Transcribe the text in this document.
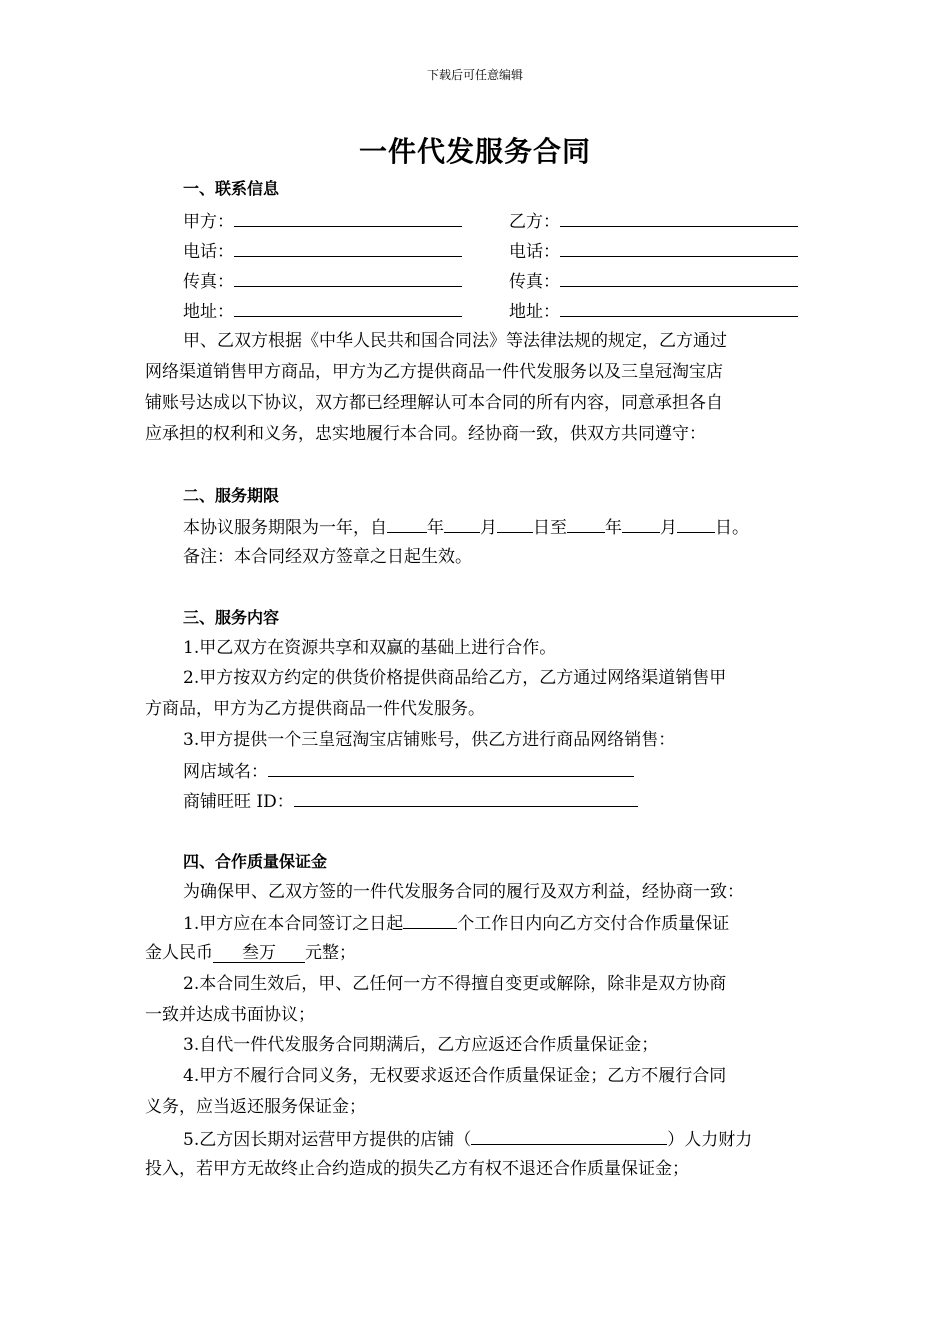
下载后可任意编辑
一件代发服务合同
一、联系信息
甲方：	乙方：
电话：	电话：
传真：	传真：
地址：	地址：
甲、乙双方根据《中华人民共和国合同法》等法律法规的规定，乙方通过
网络渠道销售甲方商品，甲方为乙方提供商品一件代发服务以及三皇冠淘宝店
铺账号达成以下协议，双方都已经理解认可本合同的所有内容，同意承担各自
应承担的权利和义务，忠实地履行本合同。经协商一致，供双方共同遵守：
二、服务期限
本协议服务期限为一年，自 年 月 日至 年 月 日。
备注：本合同经双方签章之日起生效。
三、服务内容
1.甲乙双方在资源共享和双赢的基础上进行合作。
2.甲方按双方约定的供货价格提供商品给乙方，乙方通过网络渠道销售甲
方商品，甲方为乙方提供商品一件代发服务。
3.甲方提供一个三皇冠淘宝店铺账号，供乙方进行商品网络销售：
网店域名：
商铺旺旺 ID：
四、合作质量保证金
为确保甲、乙双方签的一件代发服务合同的履行及双方利益，经协商一致：
1.甲方应在本合同签订之日起	个工作日内向乙方交付合作质量保证
金人民币 叁万 元整；
2.本合同生效后，甲、乙任何一方不得擅自变更或解除，除非是双方协商
一致并达成书面协议；
3.自代一件代发服务合同期满后，乙方应返还合作质量保证金；
4.甲方不履行合同义务，无权要求返还合作质量保证金；乙方不履行合同
义务，应当返还服务保证金；
5.乙方因长期对运营甲方提供的店铺（	）人力财力
投入，若甲方无故终止合约造成的损失乙方有权不退还合作质量保证金；
